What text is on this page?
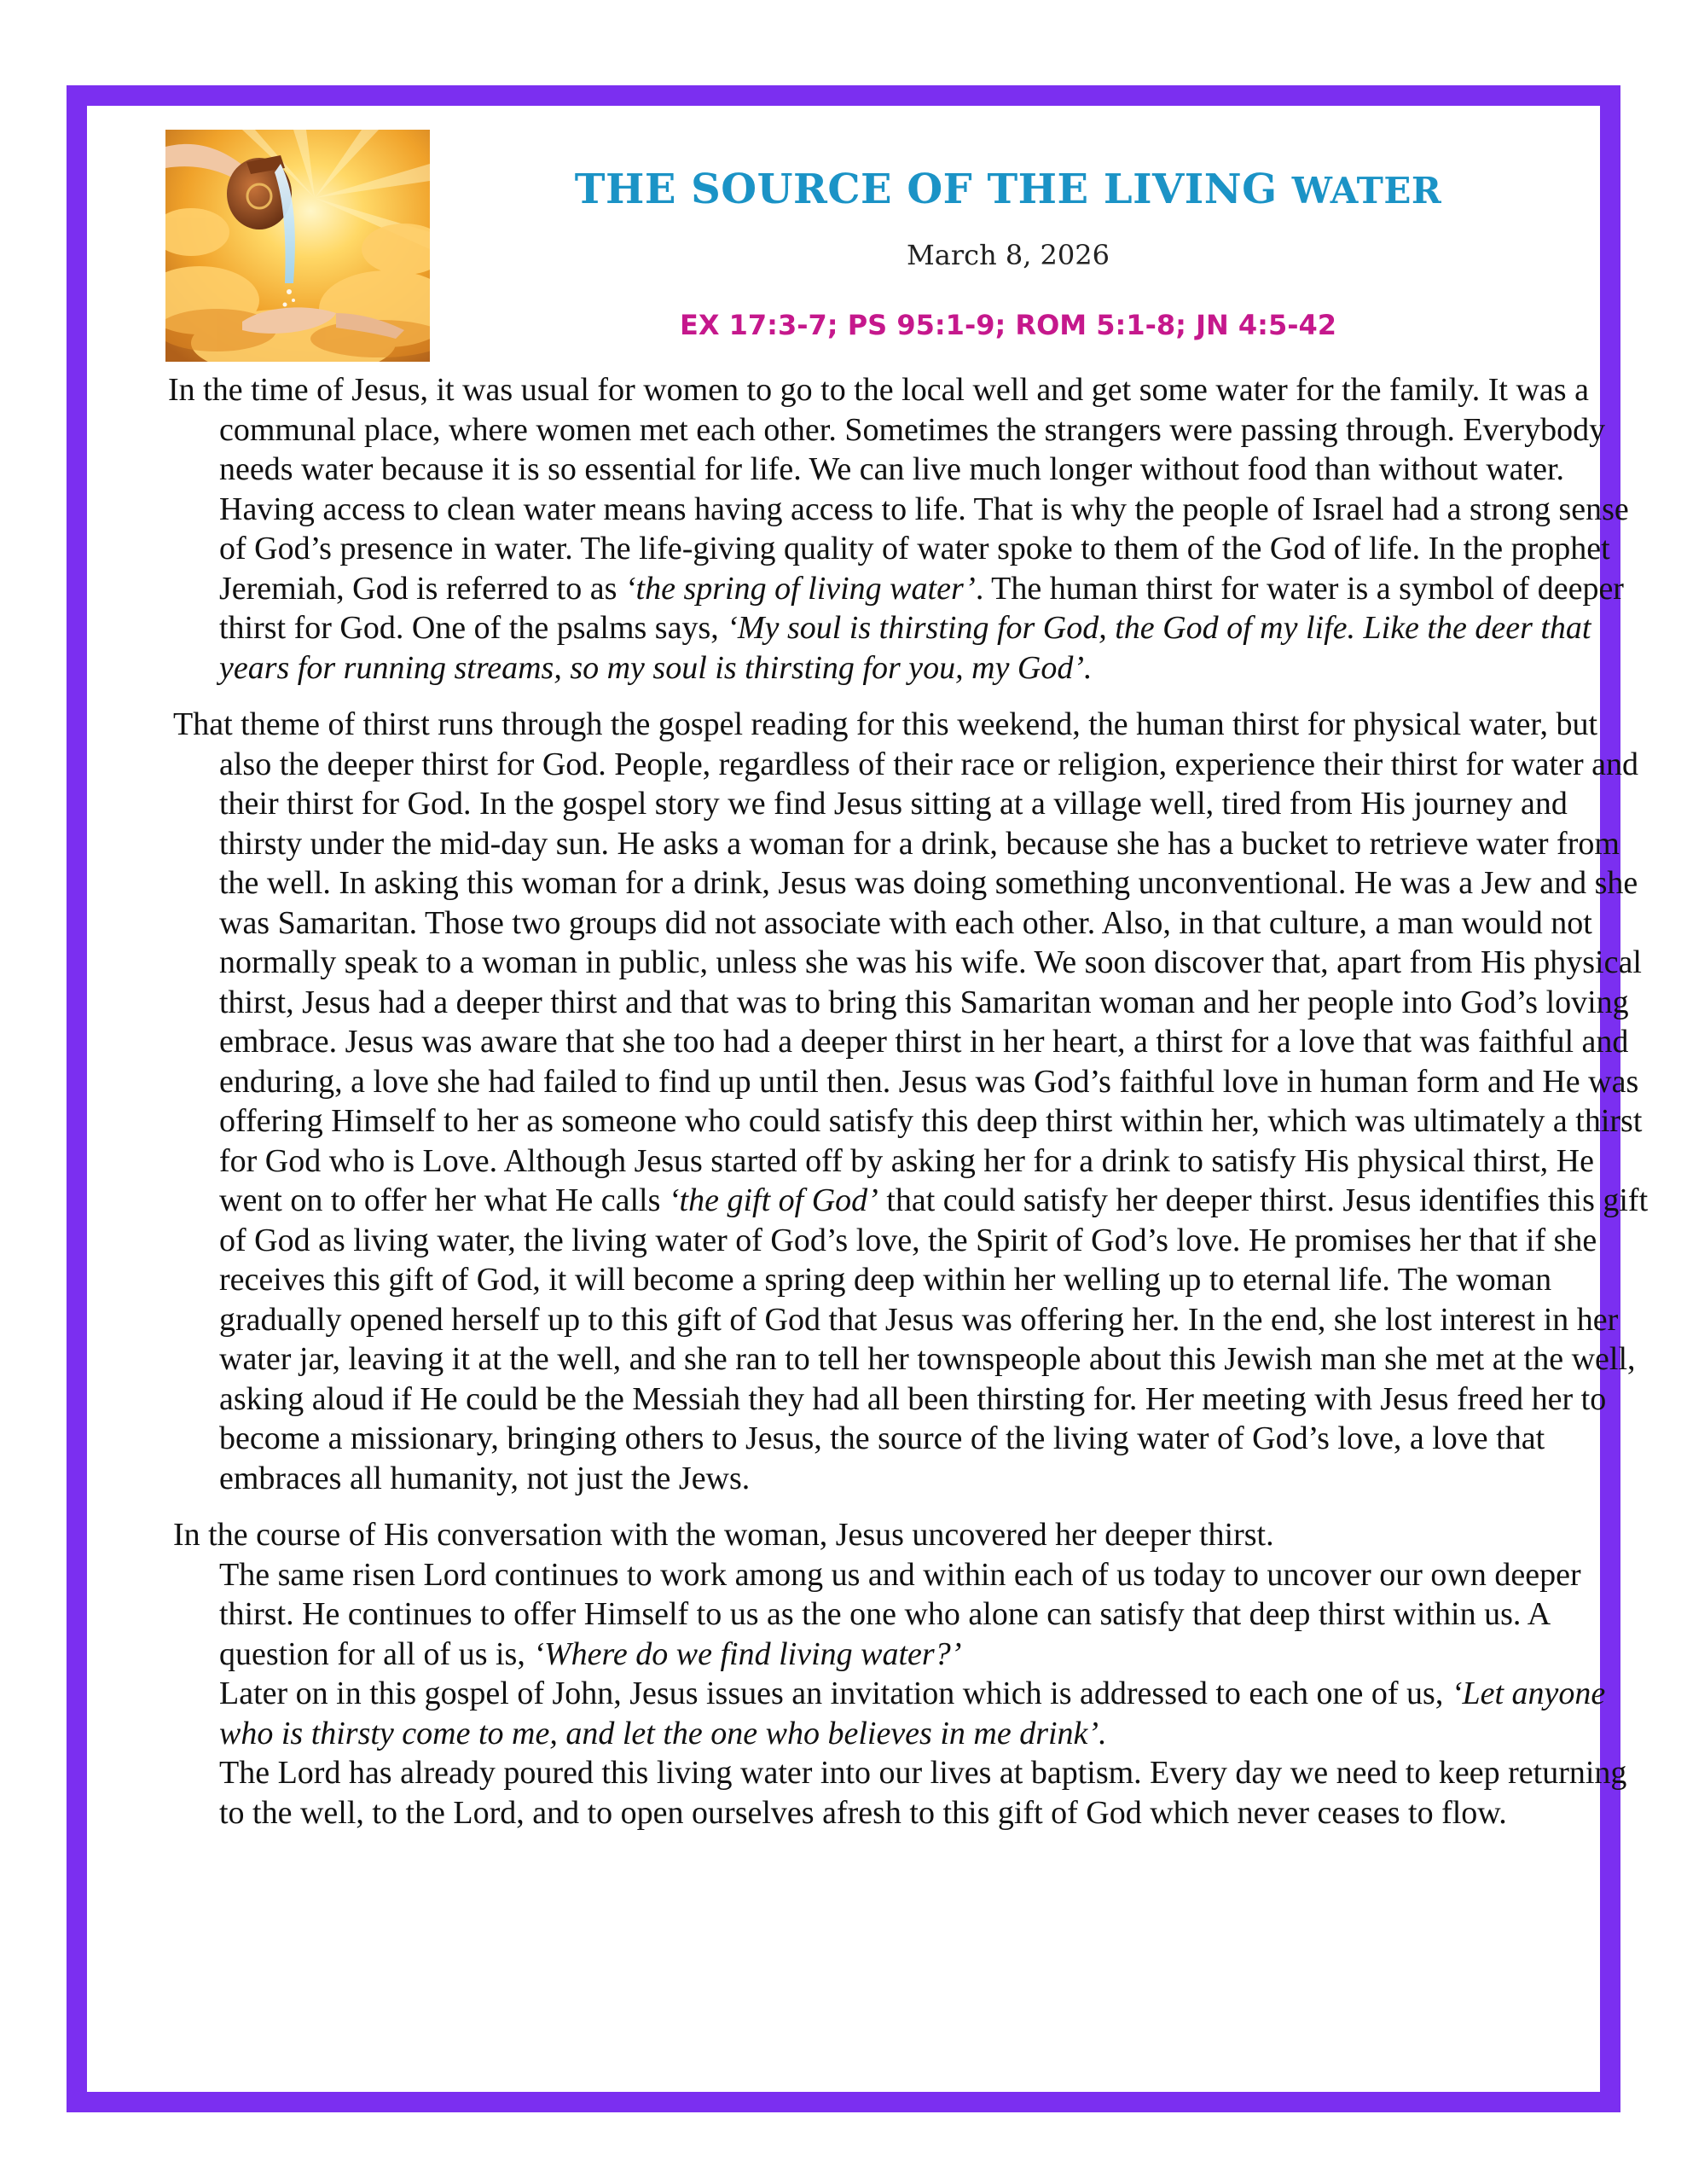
THE SOURCE OF THE LIVING WATER
March 8, 2026
EX 17:3-7; PS 95:1-9; ROM 5:1-8; JN 4:5-42

In the time of Jesus, it was usual for women to go to the local well and get some water for the family. It was a communal place, where women met each other. Sometimes the strangers were passing through. Everybody needs water because it is so essential for life. We can live much longer without food than without water. Having access to clean water means having access to life. That is why the people of Israel had a strong sense of God’s presence in water. The life-giving quality of water spoke to them of the God of life. In the prophet Jeremiah, God is referred to as ‘the spring of living water’. The human thirst for water is a symbol of deeper thirst for God. One of the psalms says, ‘My soul is thirsting for God, the God of my life. Like the deer that years for running streams, so my soul is thirsting for you, my God’.

That theme of thirst runs through the gospel reading for this weekend, the human thirst for physical water, but also the deeper thirst for God. People, regardless of their race or religion, experience their thirst for water and their thirst for God. In the gospel story we find Jesus sitting at a village well, tired from His journey and thirsty under the mid-day sun. He asks a woman for a drink, because she has a bucket to retrieve water from the well. In asking this woman for a drink, Jesus was doing something unconventional. He was a Jew and she was Samaritan. Those two groups did not associate with each other. Also, in that culture, a man would not normally speak to a woman in public, unless she was his wife. We soon discover that, apart from His physical thirst, Jesus had a deeper thirst and that was to bring this Samaritan woman and her people into God’s loving embrace. Jesus was aware that she too had a deeper thirst in her heart, a thirst for a love that was faithful and enduring, a love she had failed to find up until then. Jesus was God’s faithful love in human form and He was offering Himself to her as someone who could satisfy this deep thirst within her, which was ultimately a thirst for God who is Love. Although Jesus started off by asking her for a drink to satisfy His physical thirst, He went on to offer her what He calls ‘the gift of God’ that could satisfy her deeper thirst. Jesus identifies this gift of God as living water, the living water of God’s love, the Spirit of God’s love. He promises her that if she receives this gift of God, it will become a spring deep within her welling up to eternal life. The woman gradually opened herself up to this gift of God that Jesus was offering her. In the end, she lost interest in her water jar, leaving it at the well, and she ran to tell her townspeople about this Jewish man she met at the well, asking aloud if He could be the Messiah they had all been thirsting for. Her meeting with Jesus freed her to become a missionary, bringing others to Jesus, the source of the living water of God’s love, a love that embraces all humanity, not just the Jews.

In the course of His conversation with the woman, Jesus uncovered her deeper thirst.
The same risen Lord continues to work among us and within each of us today to uncover our own deeper thirst. He continues to offer Himself to us as the one who alone can satisfy that deep thirst within us. A question for all of us is, ‘Where do we find living water?’
Later on in this gospel of John, Jesus issues an invitation which is addressed to each one of us, ‘Let anyone who is thirsty come to me, and let the one who believes in me drink’.
The Lord has already poured this living water into our lives at baptism. Every day we need to keep returning to the well, to the Lord, and to open ourselves afresh to this gift of God which never ceases to flow.
